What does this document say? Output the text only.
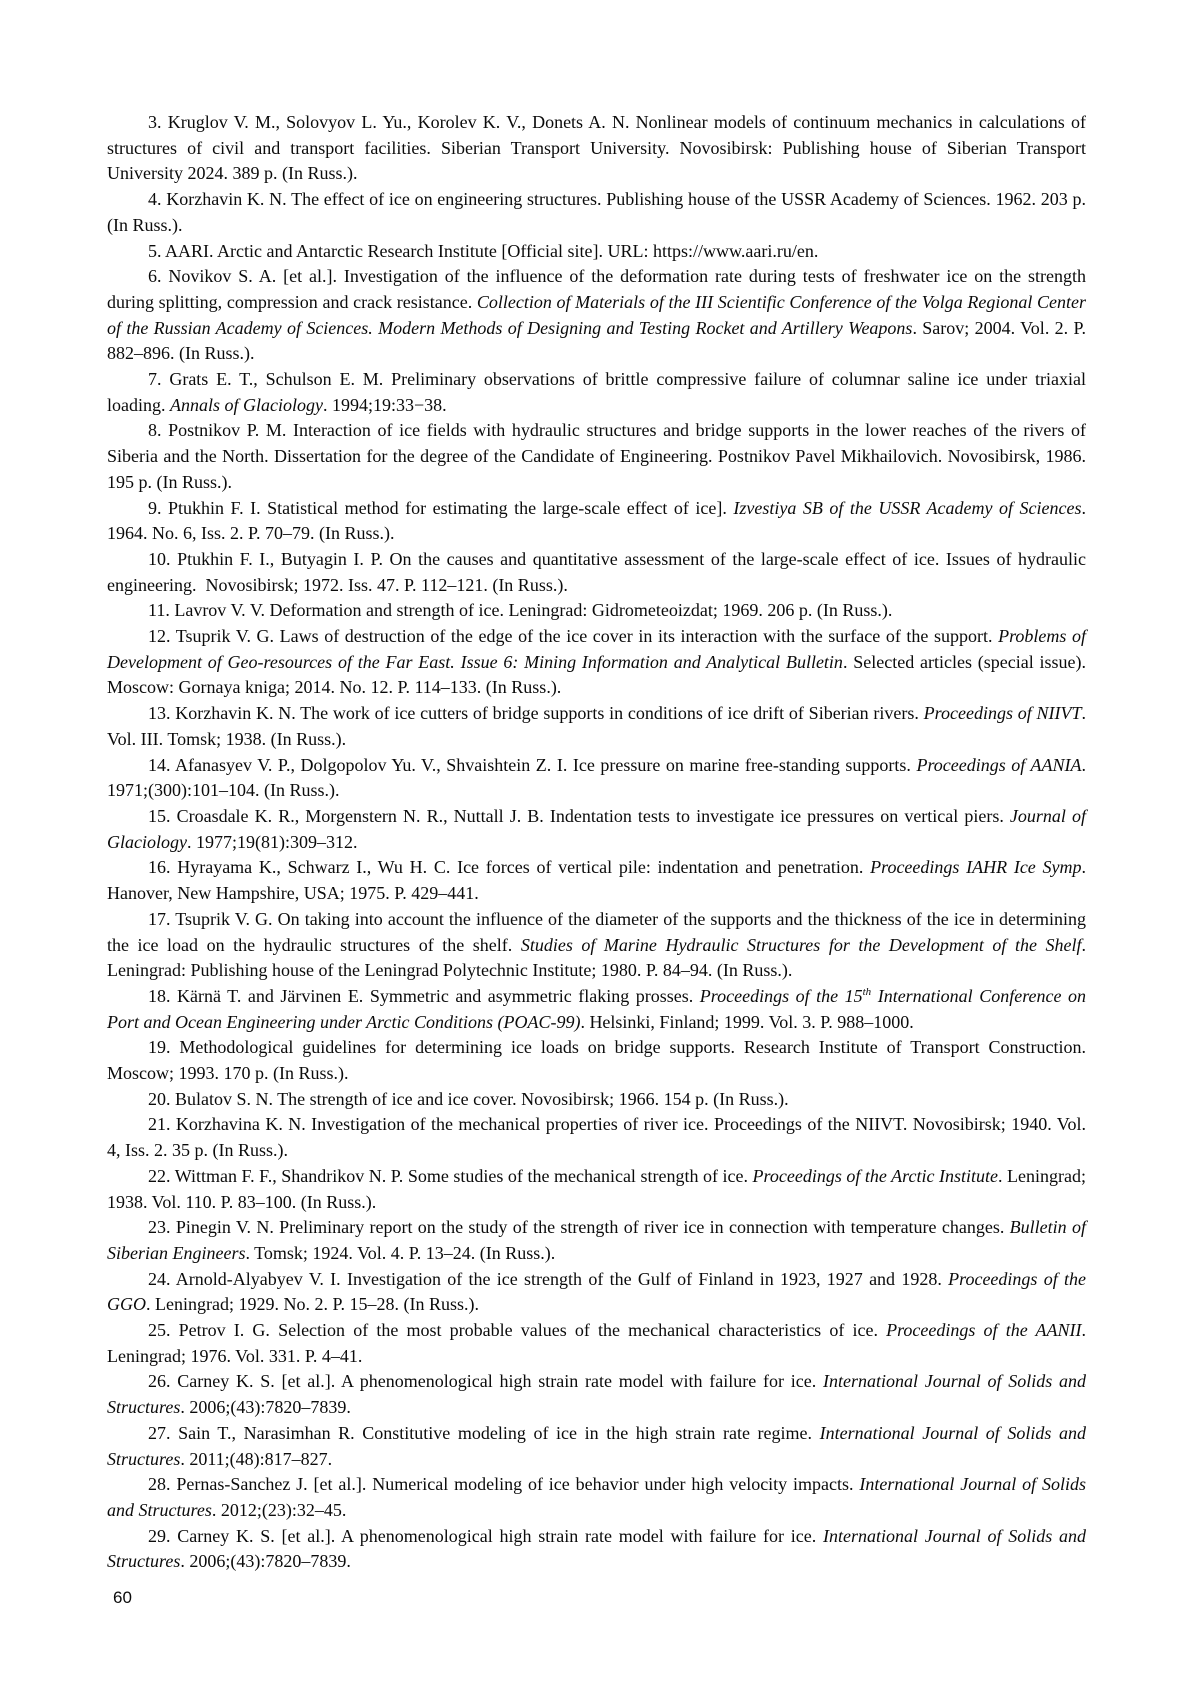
3. Kruglov V. M., Solovyov L. Yu., Korolev K. V., Donets A. N. Nonlinear models of continuum mechanics in calculations of structures of civil and transport facilities. Siberian Transport University. Novosibirsk: Publishing house of Siberian Transport University 2024. 389 p. (In Russ.).

4. Korzhavin K. N. The effect of ice on engineering structures. Publishing house of the USSR Academy of Sciences. 1962. 203 p. (In Russ.).

5. AARI. Arctic and Antarctic Research Institute [Official site]. URL: https://www.aari.ru/en.

6. Novikov S. A. [et al.]. Investigation of the influence of the deformation rate during tests of freshwater ice on the strength during splitting, compression and crack resistance. Collection of Materials of the III Scientific Conference of the Volga Regional Center of the Russian Academy of Sciences. Modern Methods of Designing and Testing Rocket and Artillery Weapons. Sarov; 2004. Vol. 2. P. 882–896. (In Russ.).

7. Grats E. T., Schulson E. M. Preliminary observations of brittle compressive failure of columnar saline ice under triaxial loading. Annals of Glaciology. 1994;19:33−38.

8. Postnikov P. M. Interaction of ice fields with hydraulic structures and bridge supports in the lower reaches of the rivers of Siberia and the North. Dissertation for the degree of the Candidate of Engineering. Postnikov Pavel Mikhailovich. Novosibirsk, 1986. 195 p. (In Russ.).

9. Ptukhin F. I. Statistical method for estimating the large-scale effect of ice]. Izvestiya SB of the USSR Academy of Sciences. 1964. No. 6, Iss. 2. P. 70–79. (In Russ.).

10. Ptukhin F. I., Butyagin I. P. On the causes and quantitative assessment of the large-scale effect of ice. Issues of hydraulic engineering.  Novosibirsk; 1972. Iss. 47. P. 112–121. (In Russ.).

11. Lavrov V. V. Deformation and strength of ice. Leningrad: Gidrometeoizdat; 1969. 206 p. (In Russ.).

12. Tsuprik V. G. Laws of destruction of the edge of the ice cover in its interaction with the surface of the support. Problems of Development of Geo-resources of the Far East. Issue 6: Mining Information and Analytical Bulletin. Selected articles (special issue). Moscow: Gornaya kniga; 2014. No. 12. P. 114–133. (In Russ.).

13. Korzhavin K. N. The work of ice cutters of bridge supports in conditions of ice drift of Siberian rivers. Proceedings of NIIVT. Vol. III. Tomsk; 1938. (In Russ.).

14. Afanasyev V. P., Dolgopolov Yu. V., Shvaishtein Z. I. Ice pressure on marine free-standing supports. Proceedings of AANIA. 1971;(300):101–104. (In Russ.).

15. Croasdale K. R., Morgenstern N. R., Nuttall J. B. Indentation tests to investigate ice pressures on vertical piers. Journal of Glaciology. 1977;19(81):309–312.

16. Hyrayama K., Schwarz I., Wu H. C. Ice forces of vertical pile: indentation and penetration. Proceedings IAHR Ice Symp. Hanover, New Hampshire, USA; 1975. P. 429–441.

17. Tsuprik V. G. On taking into account the influence of the diameter of the supports and the thickness of the ice in determining the ice load on the hydraulic structures of the shelf. Studies of Marine Hydraulic Structures for the Development of the Shelf. Leningrad: Publishing house of the Leningrad Polytechnic Institute; 1980. P. 84–94. (In Russ.).

18. Kärnä T. and Järvinen E. Symmetric and asymmetric flaking prosses. Proceedings of the 15th International Conference on Port and Ocean Engineering under Arctic Conditions (POAC-99). Helsinki, Finland; 1999. Vol. 3. P. 988–1000.

19. Methodological guidelines for determining ice loads on bridge supports. Research Institute of Transport Construction. Moscow; 1993. 170 p. (In Russ.).

20. Bulatov S. N. The strength of ice and ice cover. Novosibirsk; 1966. 154 p. (In Russ.).

21. Korzhavina K. N. Investigation of the mechanical properties of river ice. Proceedings of the NIIVT. Novosibirsk; 1940. Vol. 4, Iss. 2. 35 p. (In Russ.).

22. Wittman F. F., Shandrikov N. P. Some studies of the mechanical strength of ice. Proceedings of the Arctic Institute. Leningrad; 1938. Vol. 110. P. 83–100. (In Russ.).

23. Pinegin V. N. Preliminary report on the study of the strength of river ice in connection with temperature changes. Bulletin of Siberian Engineers. Tomsk; 1924. Vol. 4. P. 13–24. (In Russ.).

24. Arnold-Alyabyev V. I. Investigation of the ice strength of the Gulf of Finland in 1923, 1927 and 1928. Proceedings of the GGO. Leningrad; 1929. No. 2. P. 15–28. (In Russ.).

25. Petrov I. G. Selection of the most probable values of the mechanical characteristics of ice. Proceedings of the AANII. Leningrad; 1976. Vol. 331. P. 4–41.

26. Carney K. S. [et al.]. A phenomenological high strain rate model with failure for ice. International Journal of Solids and Structures. 2006;(43):7820–7839.

27. Sain T., Narasimhan R. Constitutive modeling of ice in the high strain rate regime. International Journal of Solids and Structures. 2011;(48):817–827.

28. Pernas-Sanchez J. [et al.]. Numerical modeling of ice behavior under high velocity impacts. International Journal of Solids and Structures. 2012;(23):32–45.

29. Carney K. S. [et al.]. A phenomenological high strain rate model with failure for ice. International Journal of Solids and Structures. 2006;(43):7820–7839.

60
